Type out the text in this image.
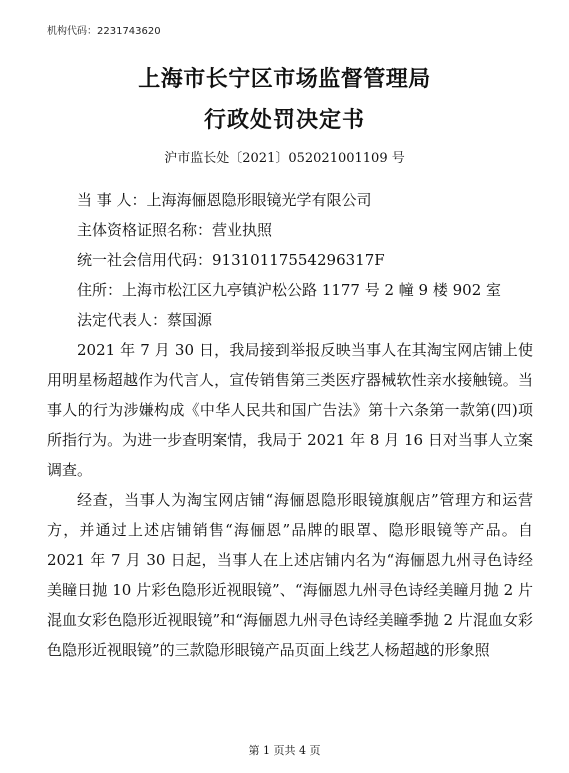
机构代码：2231743620
上海市长宁区市场监督管理局
行政处罚决定书
沪市监长处〔2021〕052021001109 号

当 事 人：上海海俪恩隐形眼镜光学有限公司

主体资格证照名称：营业执照

统一社会信用代码：91310117554296317F

住所：上海市松江区九亭镇沪松公路 1177 号 2 幢 9 楼 902 室

法定代表人：蔡国源

2021 年 7 月 30 日，我局接到举报反映当事人在其淘宝网店铺上使用明星杨超越作为代言人，宣传销售第三类医疗器械软性亲水接触镜。当事人的行为涉嫌构成《中华人民共和国广告法》第十六条第一款第(四)项所指行为。为进一步查明案情，我局于 2021 年 8 月 16 日对当事人立案调查。

经查，当事人为淘宝网店铺“海俪恩隐形眼镜旗舰店”管理方和运营方，并通过上述店铺销售“海俪恩”品牌的眼罩、隐形眼镜等产品。自 2021 年 7 月 30 日起，当事人在上述店铺内名为“海俪恩九州寻色诗经美瞳日抛 10 片彩色隐形近视眼镜”、“海俪恩九州寻色诗经美瞳月抛 2 片混血女彩色隐形近视眼镜”和“海俪恩九州寻色诗经美瞳季抛 2 片混血女彩色隐形近视眼镜”的三款隐形眼镜产品页面上线艺人杨超越的形象照

第 1 页共 4 页
